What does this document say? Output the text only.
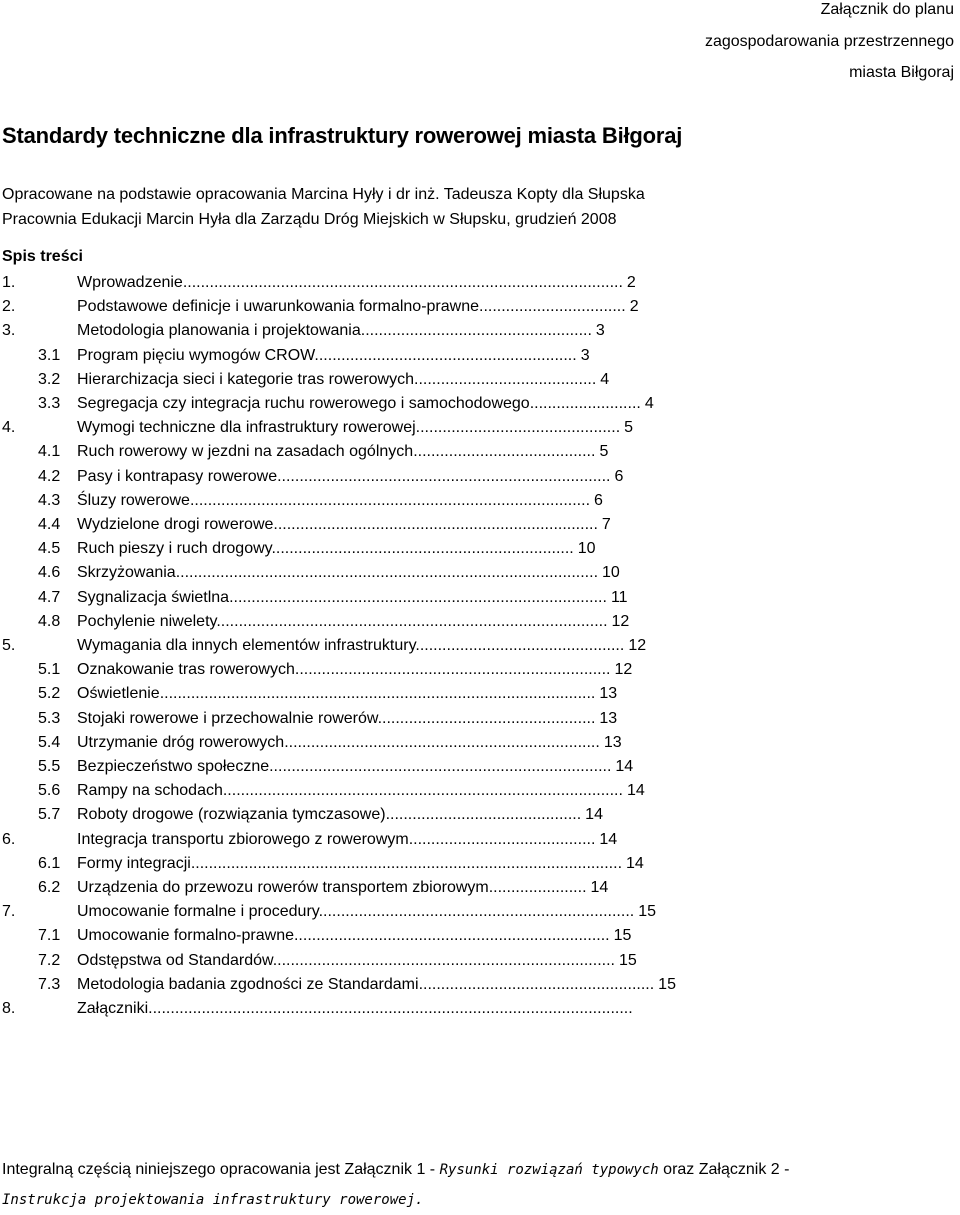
Załącznik do planu
zagospodarowania przestrzennego
miasta Biłgoraj
Standardy techniczne dla infrastruktury rowerowej miasta Biłgoraj
Opracowane na podstawie opracowania Marcina Hyły i dr inż. Tadeusza Kopty dla Słupska
Pracownia Edukacji Marcin Hyła dla Zarządu Dróg Miejskich w Słupsku, grudzień 2008
Spis treści
1.	Wprowadzenie................................................................................................... 2
2.	Podstawowe definicje i uwarunkowania formalno-prawne................................. 2
3.	Metodologia planowania i projektowania.................................................... 3
3.1 Program pięciu wymogów CROW........................................................... 3
3.2 Hierarchizacja sieci i kategorie tras rowerowych......................................... 4
3.3 Segregacja czy integracja ruchu rowerowego i samochodowego......................... 4
4.	Wymogi techniczne dla infrastruktury rowerowej.............................................. 5
4.1 Ruch rowerowy w jezdni na zasadach ogólnych......................................... 5
4.2 Pasy i kontrapasy rowerowe........................................................................... 6
4.3 Śluzy rowerowe.......................................................................................... 6
4.4 Wydzielone drogi rowerowe......................................................................... 7
4.5 Ruch pieszy i ruch drogowy.................................................................... 10
4.6 Skrzyżowania............................................................................................... 10
4.7 Sygnalizacja świetlna..................................................................................... 11
4.8 Pochylenie niwelety........................................................................................ 12
5.	Wymagania dla innych elementów infrastruktury............................................... 12
5.1 Oznakowanie tras rowerowych....................................................................... 12
5.2 Oświetlenie.................................................................................................. 13
5.3 Stojaki rowerowe i przechowalnie rowerów................................................. 13
5.4 Utrzymanie dróg rowerowych....................................................................... 13
5.5 Bezpieczeństwo społeczne............................................................................. 14
5.6 Rampy na schodach.......................................................................................... 14
5.7 Roboty drogowe (rozwiązania tymczasowe)............................................ 14
6.	Integracja transportu zbiorowego z rowerowym.......................................... 14
6.1 Formy integracji................................................................................................. 14
6.2 Urządzenia do przewozu rowerów transportem zbiorowym...................... 14
7.	Umocowanie formalne i procedury....................................................................... 15
7.1 Umocowanie formalno-prawne....................................................................... 15
7.2 Odstępstwa od Standardów............................................................................. 15
7.3 Metodologia badania zgodności ze Standardami..................................................... 15
8.	Załączniki.............................................................................................................
Integralną częścią niniejszego opracowania jest Załącznik 1 - Rysunki rozwiązań typowych oraz Załącznik 2 -
Instrukcja projektowania infrastruktury rowerowej.
